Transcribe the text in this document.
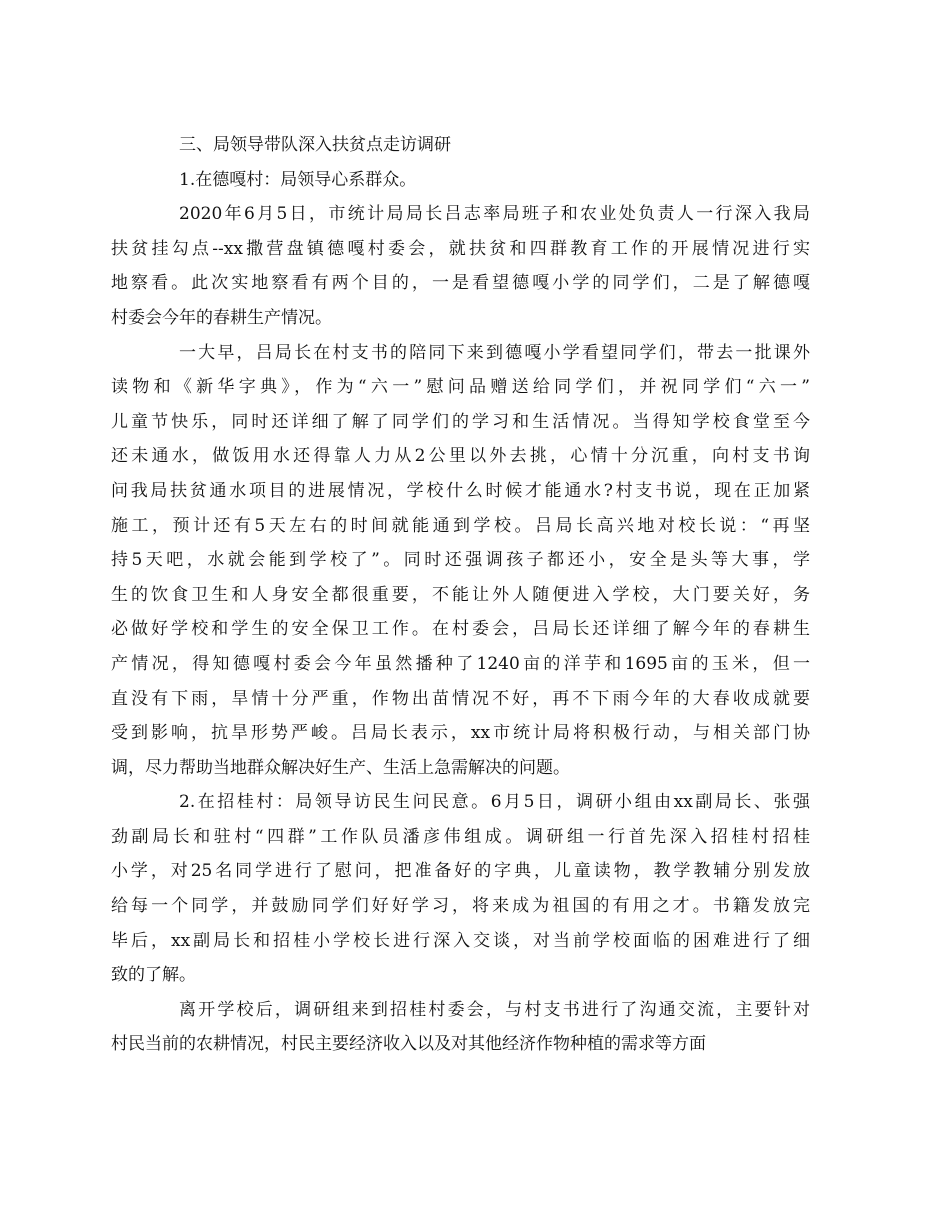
三、局领导带队深入扶贫点走访调研

1.在德嘎村：局领导心系群众。

2020年6月5日，市统计局局长吕志率局班子和农业处负责人一行深入我局
扶贫挂勾点--xx撒营盘镇德嘎村委会，就扶贫和四群教育工作的开展情况进行实
地察看。此次实地察看有两个目的，一是看望德嘎小学的同学们，二是了解德嘎
村委会今年的春耕生产情况。

一大早，吕局长在村支书的陪同下来到德嘎小学看望同学们，带去一批课外
读物和《新华字典》，作为“六一”慰问品赠送给同学们，并祝同学们“六一”
儿童节快乐，同时还详细了解了同学们的学习和生活情况。当得知学校食堂至今
还未通水，做饭用水还得靠人力从2公里以外去挑，心情十分沉重，向村支书询
问我局扶贫通水项目的进展情况，学校什么时候才能通水?村支书说，现在正加紧
施工，预计还有5天左右的时间就能通到学校。吕局长高兴地对校长说：“再坚
持5天吧，水就会能到学校了”。同时还强调孩子都还小，安全是头等大事，学
生的饮食卫生和人身安全都很重要，不能让外人随便进入学校，大门要关好，务
必做好学校和学生的安全保卫工作。在村委会，吕局长还详细了解今年的春耕生
产情况，得知德嘎村委会今年虽然播种了1240亩的洋芋和1695亩的玉米，但一
直没有下雨，旱情十分严重，作物出苗情况不好，再不下雨今年的大春收成就要
受到影响，抗旱形势严峻。吕局长表示，xx市统计局将积极行动，与相关部门协
调，尽力帮助当地群众解决好生产、生活上急需解决的问题。

2.在招桂村：局领导访民生问民意。6月5日，调研小组由xx副局长、张强
劲副局长和驻村“四群”工作队员潘彦伟组成。调研组一行首先深入招桂村招桂
小学，对25名同学进行了慰问，把准备好的字典，儿童读物，教学教辅分别发放
给每一个同学，并鼓励同学们好好学习，将来成为祖国的有用之才。书籍发放完
毕后，xx副局长和招桂小学校长进行深入交谈，对当前学校面临的困难进行了细
致的了解。

离开学校后，调研组来到招桂村委会，与村支书进行了沟通交流，主要针对
村民当前的农耕情况，村民主要经济收入以及对其他经济作物种植的需求等方面
